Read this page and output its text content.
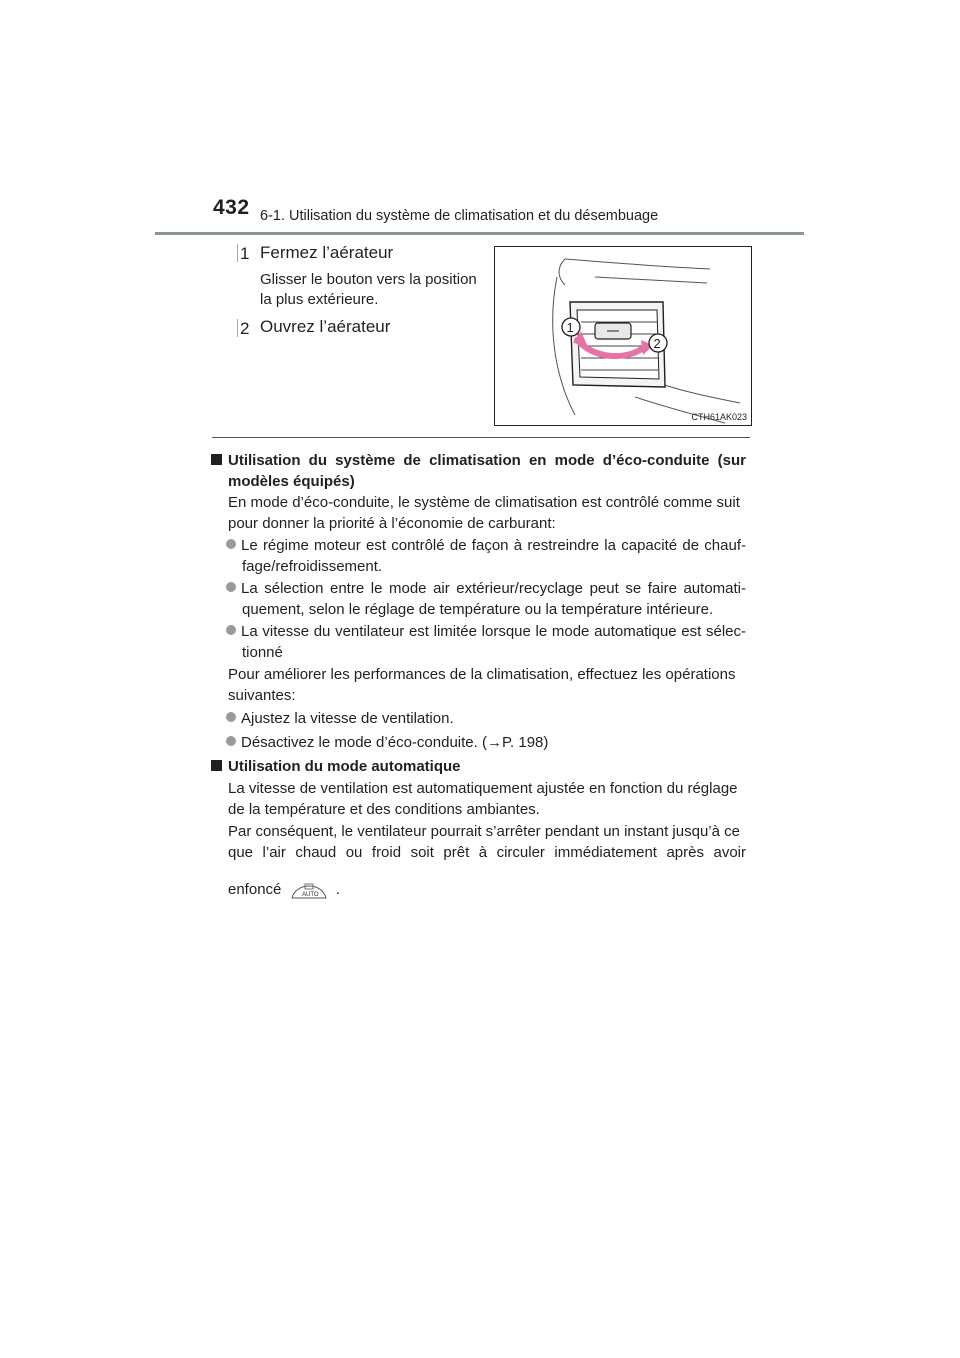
432 6-1. Utilisation du système de climatisation et du désembuage
1 Fermez l’aérateur
Glisser le bouton vers la position
la plus extérieure.
2 Ouvrez l’aérateur	1
2
CTH61AK023
Utilisation du système de climatisation en mode d’éco-conduite (sur
modèles équipés)
En mode d’éco-conduite, le système de climatisation est contrôlé comme suit
pour donner la priorité à l’économie de carburant:
Le régime moteur est contrôlé de façon à restreindre la capacité de chauf-
fage/refroidissement.
La sélection entre le mode air extérieur/recyclage peut se faire automati-
quement, selon le réglage de température ou la température intérieure.
La vitesse du ventilateur est limitée lorsque le mode automatique est sélec-
tionné
Pour améliorer les performances de la climatisation, effectuez les opérations
suivantes:
Ajustez la vitesse de ventilation.
Désactivez le mode d’éco-conduite. (→P. 198)
Utilisation du mode automatique
La vitesse de ventilation est automatiquement ajustée en fonction du réglage
de la température et des conditions ambiantes.
Par conséquent, le ventilateur pourrait s’arrêter pendant un instant jusqu’à ce
que l’air chaud ou froid soit prêt à circuler immédiatement après avoir
enfoncé	AUTO .
